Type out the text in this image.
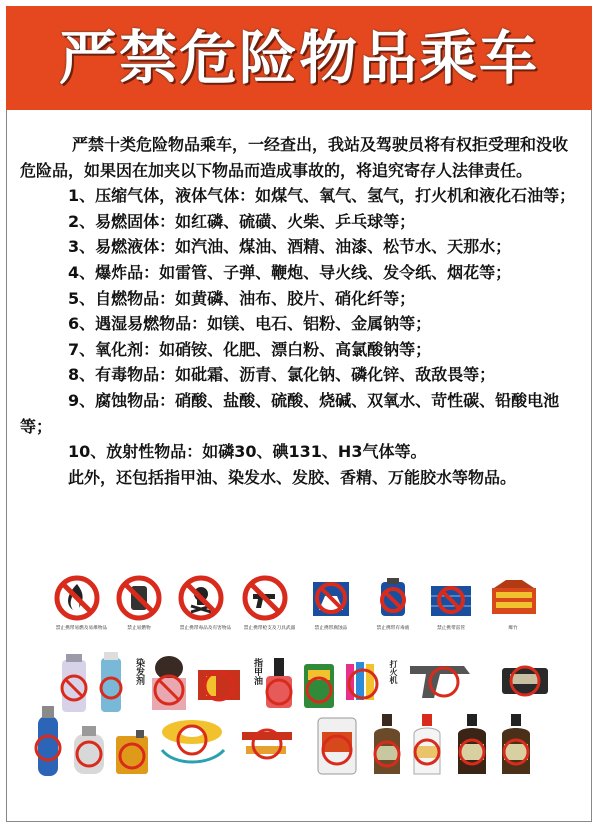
严禁危险物品乘车

严禁十类危险物品乘车，一经查出，我站及驾驶员将有权拒受理和没收危险品，如果因在加夹以下物品而造成事故的，将追究寄存人法律责任。

1、压缩气体，液体气体：如煤气、氧气、氢气，打火机和液化石油等；

2、易燃固体：如红磷、硫磺、火柴、乒乓球等；

3、易燃液体：如汽油、煤油、酒精、油漆、松节水、天那水；

4、爆炸品：如雷管、子弹、鞭炮、导火线、发令纸、烟花等；

5、自燃物品：如黄磷、油布、胶片、硝化纤等；

6、遇湿易燃物品：如镁、电石、铝粉、金属钠等；

7、氧化剂：如硝铵、化肥、漂白粉、高氯酸钠等；

8、有毒物品：如砒霜、沥青、氯化钠、磷化锌、敌敌畏等；

9、腐蚀物品：硝酸、盐酸、硫酸、烧碱、双氧水、苛性碳、铅酸电池等；

10、放射性物品：如磷30、碘131、H3气体等。

此外，还包括指甲油、染发水、发胶、香精、万能胶水等物品。

禁止携带易燃及易爆物品	禁止易燃物	禁止携带毒品及有害物品 禁止携带枪支及刀具武器	禁止携带腐蚀品	禁止携带有毒液	禁止携带雷管	爆竹
染发剂	指甲油	打火机
